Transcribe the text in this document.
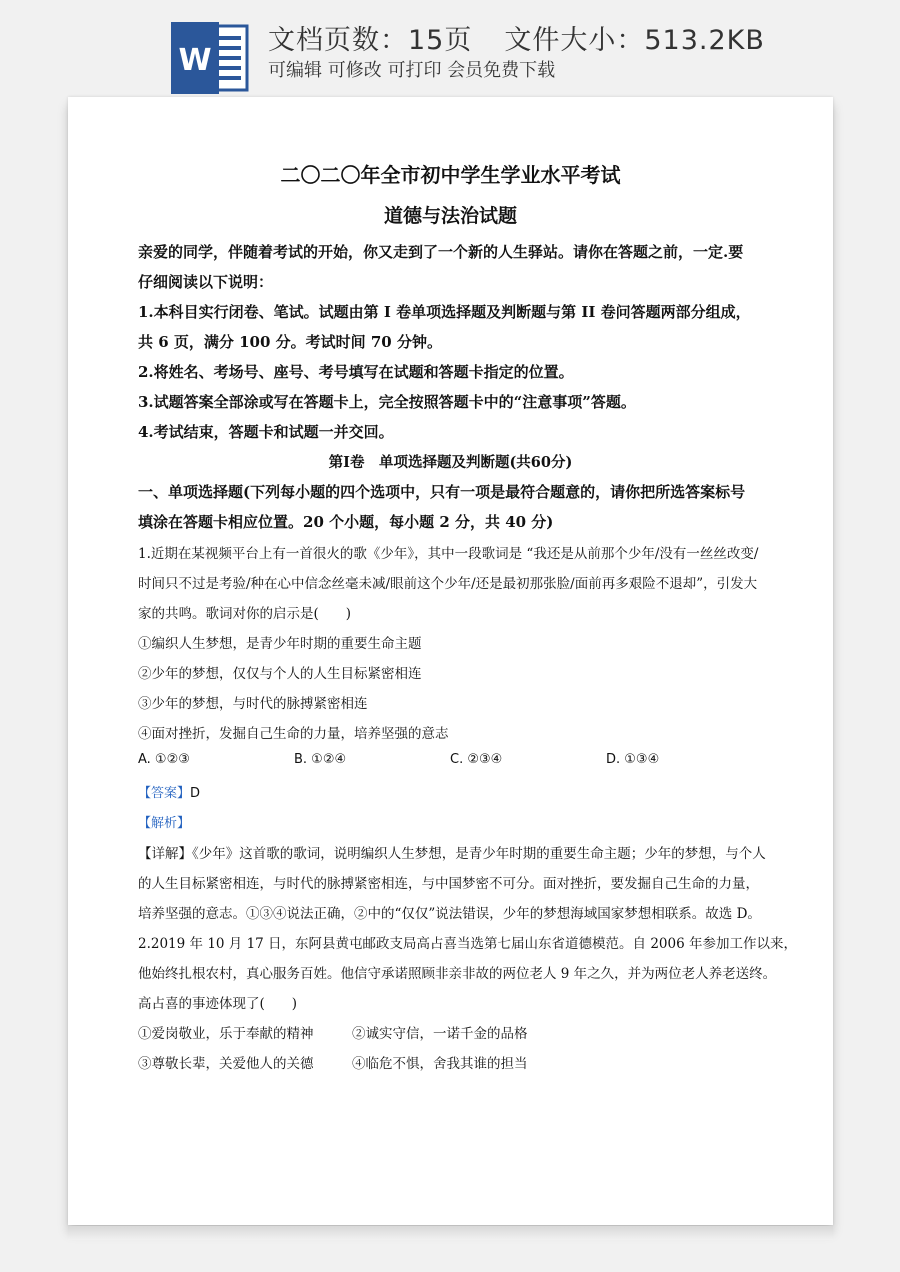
W
文档页数：15页 文件大小：513.2KB
可编辑 可修改 可打印 会员免费下载
二〇二〇年全市初中学生学业水平考试
道德与法治试题
亲爱的同学，伴随着考试的开始，你又走到了一个新的人生驿站。请你在答题之前，一定.要
仔细阅读以下说明：
1.本科目实行闭卷、笔试。试题由第 I 卷单项选择题及判断题与第 II 卷问答题两部分组成，
共 6 页，满分 100 分。考试时间 70 分钟。
2.将姓名、考场号、座号、考号填写在试题和答题卡指定的位置。
3.试题答案全部涂或写在答题卡上，完全按照答题卡中的“注意事项”答题。
4.考试结束，答题卡和试题一并交回。
第Ⅰ卷　单项选择题及判断题(共60分)
一、单项选择题(下列每小题的四个选项中，只有一项是最符合题意的，请你把所选答案标号
填涂在答题卡相应位置。20 个小题，每小题 2 分，共 40 分)
1.近期在某视频平台上有一首很火的歌《少年》，其中一段歌词是 “我还是从前那个少年/没有一丝丝改变/
时间只不过是考验/种在心中信念丝毫未减/眼前这个少年/还是最初那张脸/面前再多艰险不退却”，引发大
家的共鸣。歌词对你的启示是(　　)
①编织人生梦想，是青少年时期的重要生命主题
②少年的梦想，仅仅与个人的人生目标紧密相连
③少年的梦想，与时代的脉搏紧密相连
④面对挫折，发掘自己生命的力量，培养坚强的意志
A. ①②③	B. ①②④	C. ②③④	D. ①③④
【答案】D
【解析】
【详解】《少年》这首歌的歌词，说明编织人生梦想，是青少年时期的重要生命主题；少年的梦想，与个人
的人生目标紧密相连，与时代的脉搏紧密相连，与中国梦密不可分。面对挫折，要发掘自己生命的力量，
培养坚强的意志。①③④说法正确，②中的“仅仅”说法错误，少年的梦想海域国家梦想相联系。故选 D。
2.2019 年 10 月 17 日，东阿县黄屯邮政支局高占喜当选第七届山东省道德模范。自 2006 年参加工作以来，
他始终扎根农村，真心服务百姓。他信守承诺照顾非亲非故的两位老人 9 年之久，并为两位老人养老送终。
高占喜的事迹体现了(　　)
①爱岗敬业，乐于奉献的精神	②诚实守信，一诺千金的品格
③尊敬长辈，关爱他人的关德	④临危不惧，舍我其谁的担当
